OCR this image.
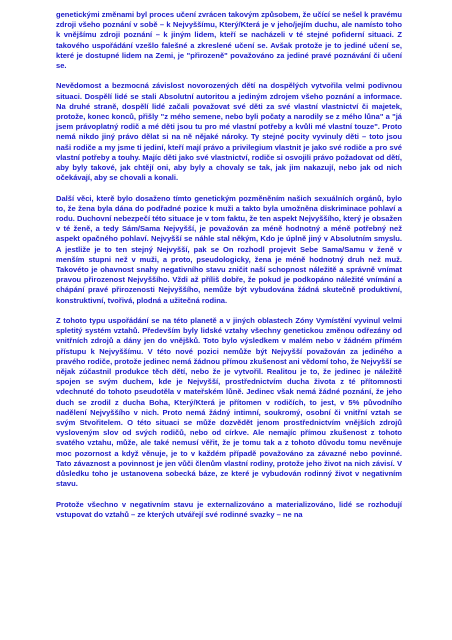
genetickými změnami byl proces učení zvrácen takovým způsobem, že učící se nešel k pravému zdroji všeho poznání v sobě – k Nejvyššímu, Který/Která je v jeho/jejím duchu, ale namísto toho k vnějšímu zdroji poznání – k jiným lidem, kteří se nacházeli v té stejné pofiderní situaci. Z takového uspořádání vzešlo falešné a zkreslené učení se. Avšak protože je to jediné učení se, které je dostupné lidem na Zemi, je "přirozeně" považováno za jediné pravé poznávání či učení se.

Nevědomost a bezmocná závislost novorozených dětí na dospělých vytvořila velmi podivnou situaci. Dospělí lidé se stali Absolutní autoritou a jediným zdrojem všeho poznání a informace. Na druhé straně, dospělí lidé začali považovat své děti za své vlastní vlastnictví či majetek, protože, konec konců, přišly "z mého semene, nebo byli počaty a narodily se z mého lůna" a "já jsem právoplatný rodič a mé děti jsou tu pro mé vlastní potřeby a kvůli mé vlastní touze". Proto nemá nikdo jiný právo dělat si na ně nějaké nároky. Ty stejné pocity vyvinuly děti – toto jsou naši rodiče a my jsme ti jediní, kteří mají právo a privilegium vlastnit je jako své rodiče a pro své vlastní potřeby a touhy. Majíc děti jako své vlastnictví, rodiče si osvojili právo požadovat od dětí, aby byly takové, jak chtějí oni, aby byly a chovaly se tak, jak jim nakazují, nebo jak od nich očekávají, aby se chovali a konali.

Další věci, kterě bylo dosaženo tímto genetickým pozměněním našich sexuálních orgánů, bylo to, že žena byla dána do podřadné pozice k muži a takto byla umožněna diskriminace pohlaví a rodu. Duchovní nebezpečí této situace je v tom faktu, že ten aspekt Nejvyššího, který je obsažen v té ženě, a tedy Sám/Sama Nejvyšší, je považován za méně hodnotný a méně potřebný než aspekt opačného pohlaví. Nejvyšší se náhle stal někým, Kdo je úplně jiný v Absolutním smyslu. A jestliže je to ten stejný Nejvyšší, pak se On rozhodl projevit Sebe Sama/Samu v ženě v menším stupni než v muži, a proto, pseudologicky, žena je méně hodnotný druh než muž. Takovéto je ohavnost snahy negativního stavu zničit naší schopnost náležitě a správně vnímat pravou přirozenost Nejvyššího. Vždi až příliš dobře, že pokud je podkopáno náležité vnímání a chápání pravé přirozenosti Nejvyššího, nemůže být vybudována žádná skutečně produktivní, konstruktivní, tvořivá, plodná a užitečná rodina.

Z tohoto typu uspořádání se na této planetě a v jiných oblastech Zóny Vymístění vyvinul velmi spletitý systém vztahů. Především byly lidské vztahy všechny genetickou změnou odřezány od vnitřních zdrojů a dány jen do vnějšků. Toto bylo výsledkem v malém nebo v žádném přímém přístupu k Nejvyššímu. V této nové pozici nemůže být Nejvyšší považován za jediného a pravého rodiče, protože jedinec nemá žádnou přímou zkušenost ani vědomí toho, že Nejvyšší se nějak zúčastnil produkce těch dětí, nebo že je vytvořil. Realitou je to, že jedinec je náležitě spojen se svým duchem, kde je Nejvyšší, prostřednictvím ducha života z té přítomnosti vdechnuté do tohoto pseudotěla v mateřském lůně. Jedinec však nemá žádné poznání, že jeho duch se zrodil z ducha Boha, Který/Která je přítomen v rodičích, to jest, v 5% původního nadělení Nejvyššího v nich. Proto nemá žádný intimní, soukromý, osobní či vnitřní vztah se svým Stvořitelem. O této situaci se může dozvědět jenom prostřednictvím vnějších zdrojů vysloveným slov od svých rodičů, nebo od církve. Ale nemajíc přímou zkušenost z tohoto svatého vztahu, může, ale také nemusí věřit, že je tomu tak a z tohoto důvodu tomu nevěnuje moc pozornost a když věnuje, je to v každém případě považováno za závazné nebo povinné. Tato závaznost a povinnost je jen vůči členům vlastní rodiny, protože jeho život na nich závisí. V důsledku toho je ustanovena sobecká báze, ze které je vybudován rodinný život v negativním stavu.

Protože všechno v negativním stavu je externalizováno a materializováno, lidé se rozhodují vstupovat do vztahů – ze kterých utvářejí své rodinné svazky – ne na
